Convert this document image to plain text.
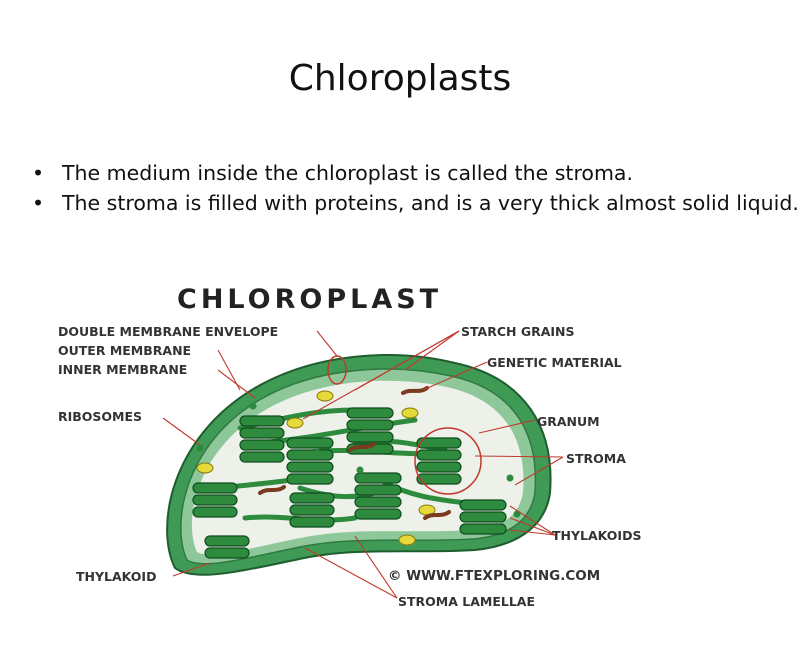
Chloroplasts
• The medium inside the chloroplast is called the stroma.
• The stroma is filled with proteins, and is a very thick almost solid liquid.
CHLOROPLAST
DOUBLE MEMBRANE ENVELOPE
OUTER MEMBRANE
INNER MEMBRANE
RIBOSOMES
THYLAKOID
STARCH GRAINS
GENETIC MATERIAL
GRANUM
STROMA
THYLAKOIDS
STROMA LAMELLAE
© WWW.FTEXPLORING.COM
